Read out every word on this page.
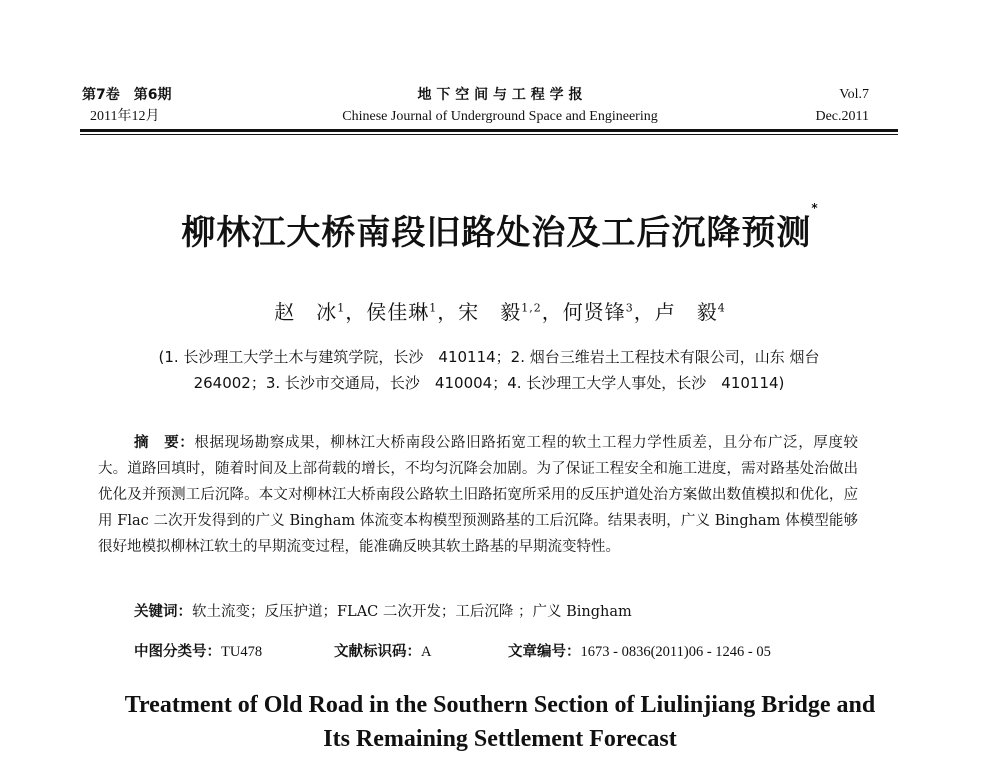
第7卷　第6期
2011年12月
地 下 空 间 与 工 程 学 报
Chinese Journal of Underground Space and Engineering
Vol.7
Dec.2011
柳林江大桥南段旧路处治及工后沉降预测*
赵　冰$^1$，侯佳琳$^1$，宋　毅$^{1,2}$，何贤锋$^3$，卢　毅$^4$
(1. 长沙理工大学土木与建筑学院，长沙　410114；2. 烟台三维岩土工程技术有限公司，山东 烟台
264002；3. 长沙市交通局，长沙　410004；4. 长沙理工大学人事处，长沙　410114)
摘　要：根据现场勘察成果，柳林江大桥南段公路旧路拓宽工程的软土工程力学性质差，且分布广泛，厚度较大。道路回填时，随着时间及上部荷载的增长，不均匀沉降会加剧。为了保证工程安全和施工进度，需对路基处治做出优化及并预测工后沉降。本文对柳林江大桥南段公路软土旧路拓宽所采用的反压护道处治方案做出数值模拟和优化，应用 Flac 二次开发得到的广义 Bingham 体流变本构模型预测路基的工后沉降。结果表明，广义 Bingham 体模型能够很好地模拟柳林江软土的早期流变过程，能准确反映其软土路基的早期流变特性。
关键词：软土流变；反压护道；FLAC 二次开发；工后沉降 ；广义 Bingham
中图分类号：TU478	文献标识码：A	文章编号：1673 - 0836(2011)06 - 1246 - 05
Treatment of Old Road in the Southern Section of Liulinjiang Bridge and
Its Remaining Settlement Forecast
